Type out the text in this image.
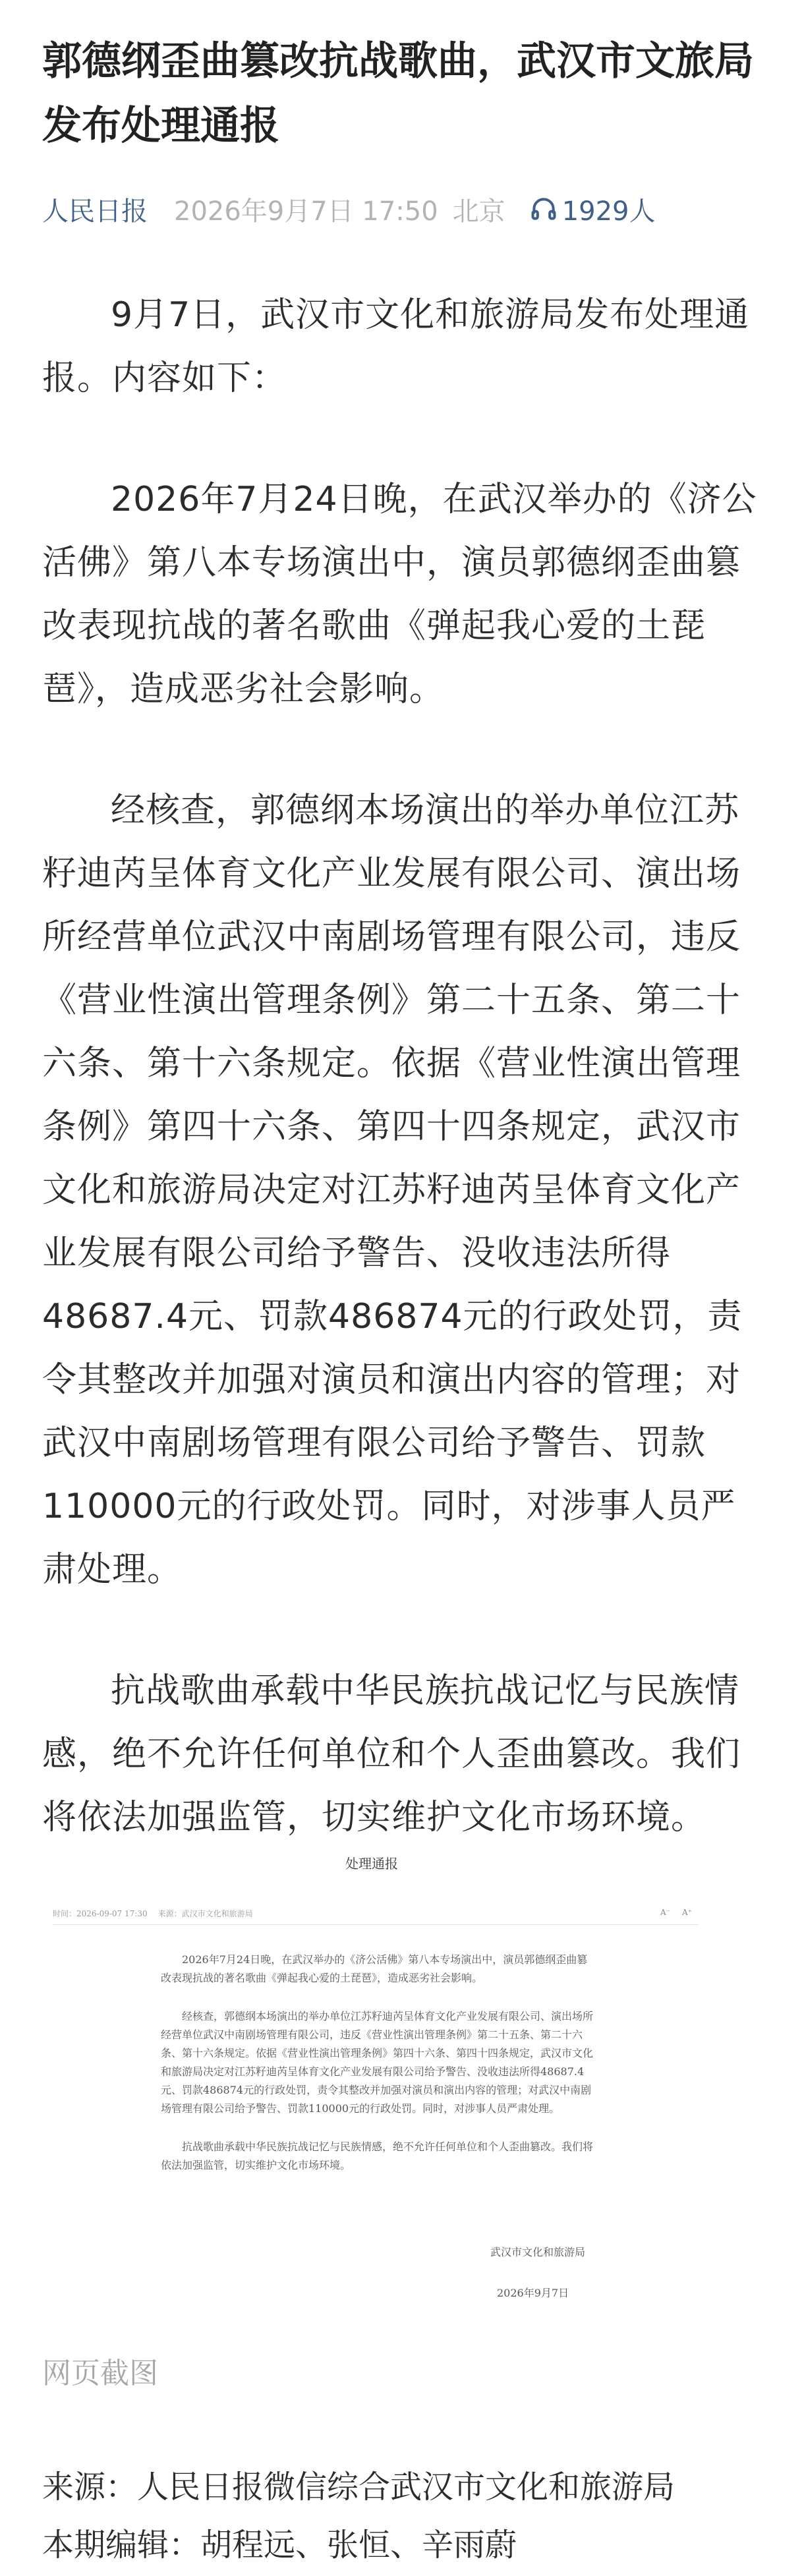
郭德纲歪曲篡改抗战歌曲，武汉市文旅局发布处理通报
人民日报 2026年9月7日 17:50 北京 1929人

9月7日，武汉市文化和旅游局发布处理通报。内容如下：

2026年7月24日晚，在武汉举办的《济公活佛》第八本专场演出中，演员郭德纲歪曲篡改表现抗战的著名歌曲《弹起我心爱的土琵琶》，造成恶劣社会影响。

经核查，郭德纲本场演出的举办单位江苏籽迪芮呈体育文化产业发展有限公司、演出场所经营单位武汉中南剧场管理有限公司，违反《营业性演出管理条例》第二十五条、第二十六条、第十六条规定。依据《营业性演出管理条例》第四十六条、第四十四条规定，武汉市文化和旅游局决定对江苏籽迪芮呈体育文化产业发展有限公司给予警告、没收违法所得48687.4元、罚款486874元的行政处罚，责令其整改并加强对演员和演出内容的管理；对武汉中南剧场管理有限公司给予警告、罚款110000元的行政处罚。同时，对涉事人员严肃处理。

抗战歌曲承载中华民族抗战记忆与民族情感，绝不允许任何单位和个人歪曲篡改。我们将依法加强监管，切实维护文化市场环境。

处理通报
时间：2026-09-07 17:30 来源：武汉市文化和旅游局	A⁻ A⁺

2026年7月24日晚，在武汉举办的《济公活佛》第八本专场演出中，演员郭德纲歪曲篡改表现抗战的著名歌曲《弹起我心爱的土琵琶》，造成恶劣社会影响。

经核查，郭德纲本场演出的举办单位江苏籽迪芮呈体育文化产业发展有限公司、演出场所经营单位武汉中南剧场管理有限公司，违反《营业性演出管理条例》第二十五条、第二十六条、第十六条规定。依据《营业性演出管理条例》第四十六条、第四十四条规定，武汉市文化和旅游局决定对江苏籽迪芮呈体育文化产业发展有限公司给予警告、没收违法所得48687.4元、罚款486874元的行政处罚，责令其整改并加强对演员和演出内容的管理；对武汉中南剧场管理有限公司给予警告、罚款110000元的行政处罚。同时，对涉事人员严肃处理。

抗战歌曲承载中华民族抗战记忆与民族情感，绝不允许任何单位和个人歪曲篡改。我们将依法加强监管，切实维护文化市场环境。

武汉市文化和旅游局
2026年9月7日
网页截图
来源：人民日报微信综合武汉市文化和旅游局
本期编辑：胡程远、张恒、辛雨蔚
